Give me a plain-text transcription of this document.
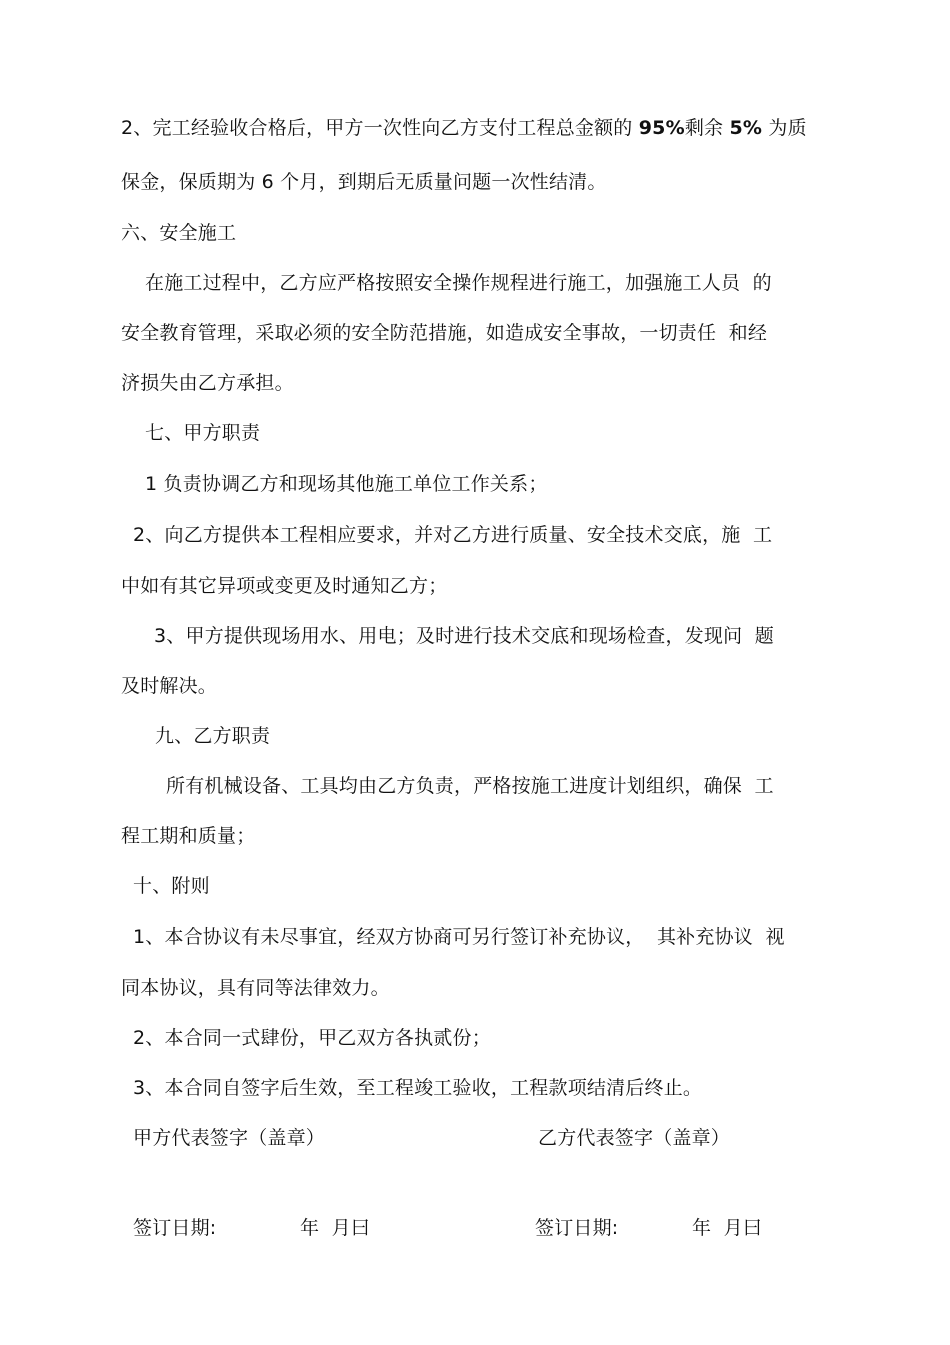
2、完工经验收合格后，甲方一次性向乙方支付工程总金额的 95%剩余 5% 为质
保金，保质期为 6 个月，到期后无质量问题一次性结清。
六、安全施工
在施工过程中，乙方应严格按照安全操作规程进行施工，加强施工人员  的
安全教育管理，采取必须的安全防范措施，如造成安全事故，一切责任  和经
济损失由乙方承担。
七、甲方职责
1 负责协调乙方和现场其他施工单位工作关系；
2、向乙方提供本工程相应要求，并对乙方进行质量、安全技术交底，施  工
中如有其它异项或变更及时通知乙方；
3、甲方提供现场用水、用电；及时进行技术交底和现场检查，发现问  题
及时解决。
九、乙方职责
所有机械设备、工具均由乙方负责，严格按施工进度计划组织，确保  工
程工期和质量；
十、附则
1、本合协议有未尽事宜，经双方协商可另行签订补充协议，  其补充协议  视
同本协议，具有同等法律效力。
2、本合同一式肆份，甲乙双方各执贰份；
3、本合同自签字后生效，至工程竣工验收，工程款项结清后终止。
甲方代表签字（盖章）	乙方代表签字（盖章）
签订日期:	年  月曰	签订日期:	年  月曰
